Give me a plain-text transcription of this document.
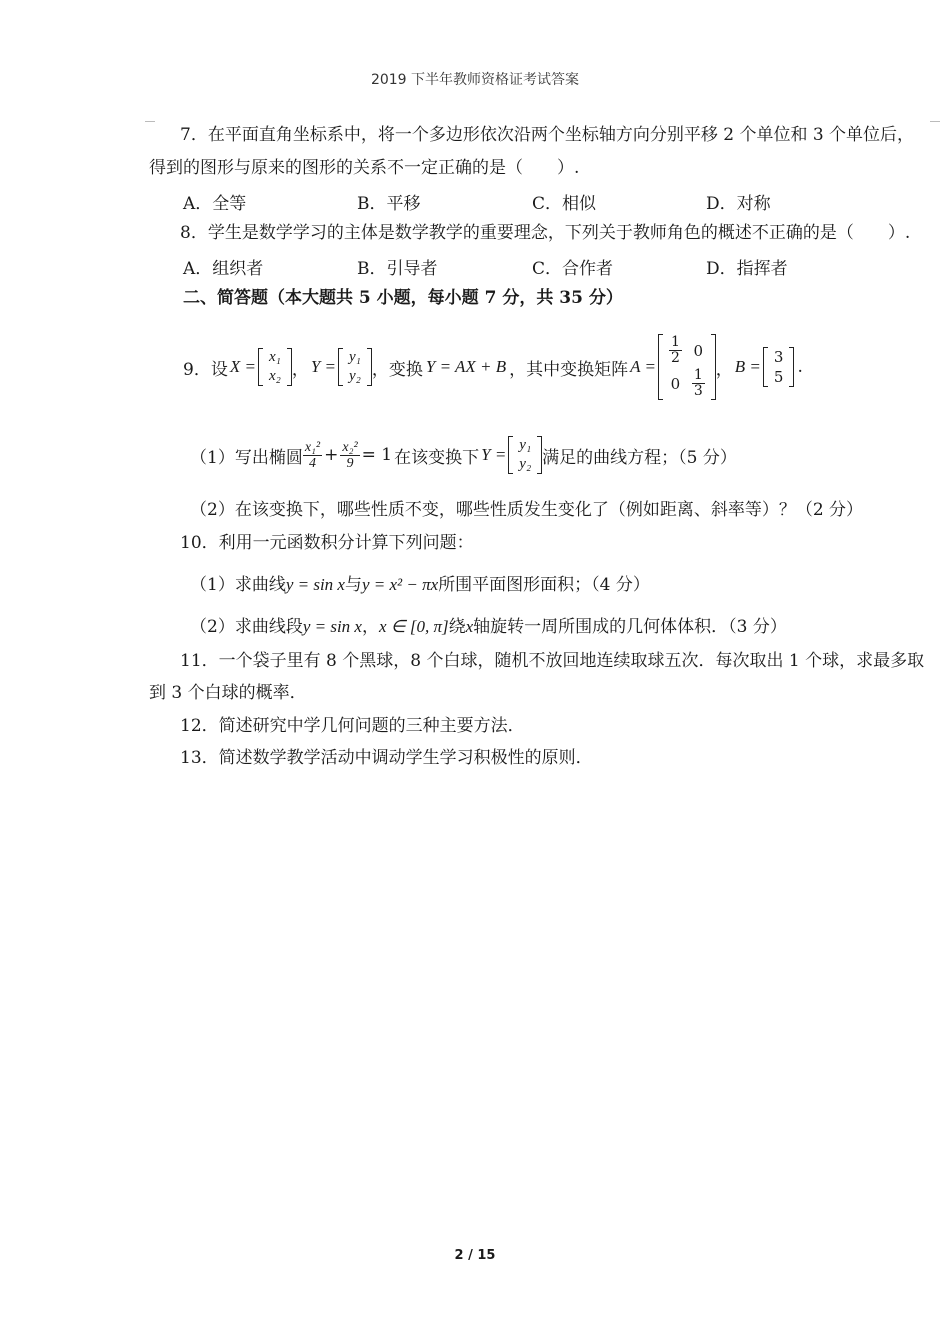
2019 下半年教师资格证考试答案
7．在平面直角坐标系中，将一个多边形依次沿两个坐标轴方向分别平移 2 个单位和 3 个单位后，
得到的图形与原来的图形的关系不一定正确的是（　　）.
A．全等	B．平移	C．相似	D．对称
8．学生是数学学习的主体是数学教学的重要理念，下列关于教师角色的概述不正确的是（　　）.
A．组织者	B．引导者	C．合作者	D．指挥者
二、简答题（本大题共 5 小题，每小题 7 分，共 35 分）
9．设 X = x₁
x₂ ， Y = y₁
y₂ ，变换 Y = AX + B ，其中变换矩阵 A =
$\frac{1}{2}$	0
0	$\frac{1}{3}$ ， B = 3
5 .
（1）写出椭圆 $\frac{\text{x₁²}}{4} + \frac{\text{x₂²}}{9} = 1$ 在该变换下 Y = y₁
y₂ 满足的曲线方程；（5 分）
（2）在该变换下，哪些性质不变，哪些性质发生变化了（例如距离、斜率等）？（2 分）
10．利用一元函数积分计算下列问题：
（1）求曲线y = sin x与y = x² − πx所围平面图形面积；（4 分）
（2）求曲线段y = sin x，x ∈ [0, π]绕x轴旋转一周所围成的几何体体积．（3 分）
11．一个袋子里有 8 个黑球，8 个白球，随机不放回地连续取球五次．每次取出 1 个球，求最多取
到 3 个白球的概率．
12．简述研究中学几何问题的三种主要方法．
13．简述数学教学活动中调动学生学习积极性的原则．
2 / 15
